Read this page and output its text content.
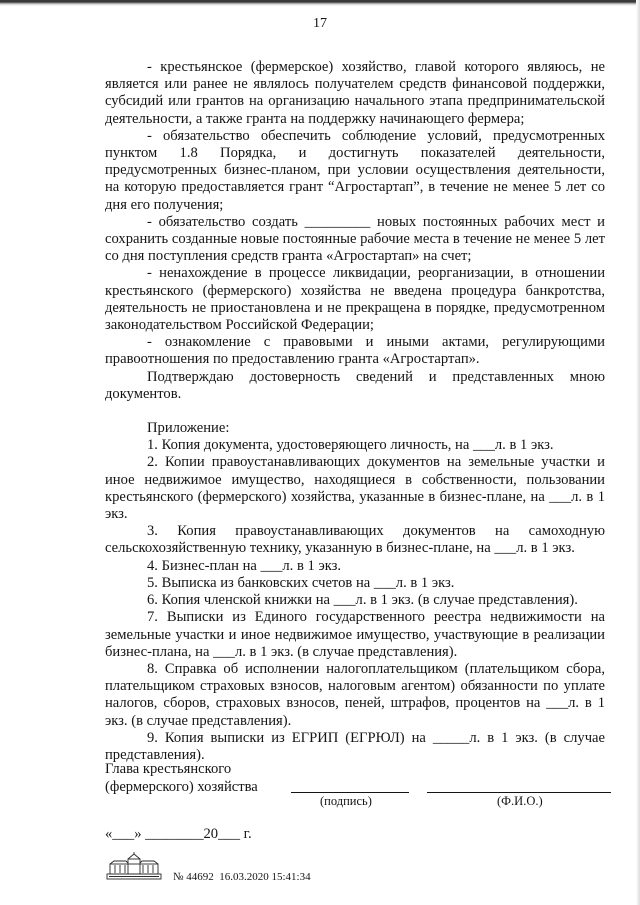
17

- крестьянское (фермерское) хозяйство, главой которого являюсь, не является или ранее не являлось получателем средств финансовой поддержки, субсидий или грантов на организацию начального этапа предпринимательской деятельности, а также гранта на поддержку начинающего фермера;

- обязательство обеспечить соблюдение условий, предусмотренных пунктом 1.8 Порядка, и достигнуть показателей деятельности, предусмотренных бизнес-планом, при условии осуществления деятельности, на которую предоставляется грант “Агростартап”, в течение не менее 5 лет со дня его получения;

- обязательство создать _________ новых постоянных рабочих мест и сохранить созданные новые постоянные рабочие места в течение не менее 5 лет со дня поступления средств гранта «Агростартап» на счет;

- ненахождение в процессе ликвидации, реорганизации, в отношении крестьянского (фермерского) хозяйства не введена процедура банкротства, деятельность не приостановлена и не прекращена в порядке, предусмотренном законодательством Российской Федерации;

- ознакомление с правовыми и иными актами, регулирующими правоотношения по предоставлению гранта «Агростартап».

Подтверждаю достоверность сведений и представленных мною документов.

Приложение:

1. Копия документа, удостоверяющего личность, на ___л. в 1 экз.

2. Копии правоустанавливающих документов на земельные участки и иное недвижимое имущество, находящиеся в собственности, пользовании крестьянского (фермерского) хозяйства, указанные в бизнес-плане, на ___л. в 1 экз.

3. Копия правоустанавливающих документов на самоходную сельскохозяйственную технику, указанную в бизнес-плане, на ___л. в 1 экз.

4. Бизнес-план на ___л. в 1 экз.

5. Выписка из банковских счетов на ___л. в 1 экз.

6. Копия членской книжки на ___л. в 1 экз. (в случае представления).

7. Выписки из Единого государственного реестра недвижимости на земельные участки и иное недвижимое имущество, участвующие в реализации бизнес-плана, на ___л. в 1 экз. (в случае представления).

8. Справка об исполнении налогоплательщиком (плательщиком сбора, плательщиком страховых взносов, налоговым агентом) обязанности по уплате налогов, сборов, страховых взносов, пеней, штрафов, процентов на ___л. в 1 экз. (в случае представления).

9. Копия выписки из ЕГРИП (ЕГРЮЛ) на _____л. в 1 экз. (в случае представления).

Глава крестьянского
(фермерского) хозяйства
(подпись)	(Ф.И.О.)
«___» ________20___ г.
№ 44692  16.03.2020 15:41:34
